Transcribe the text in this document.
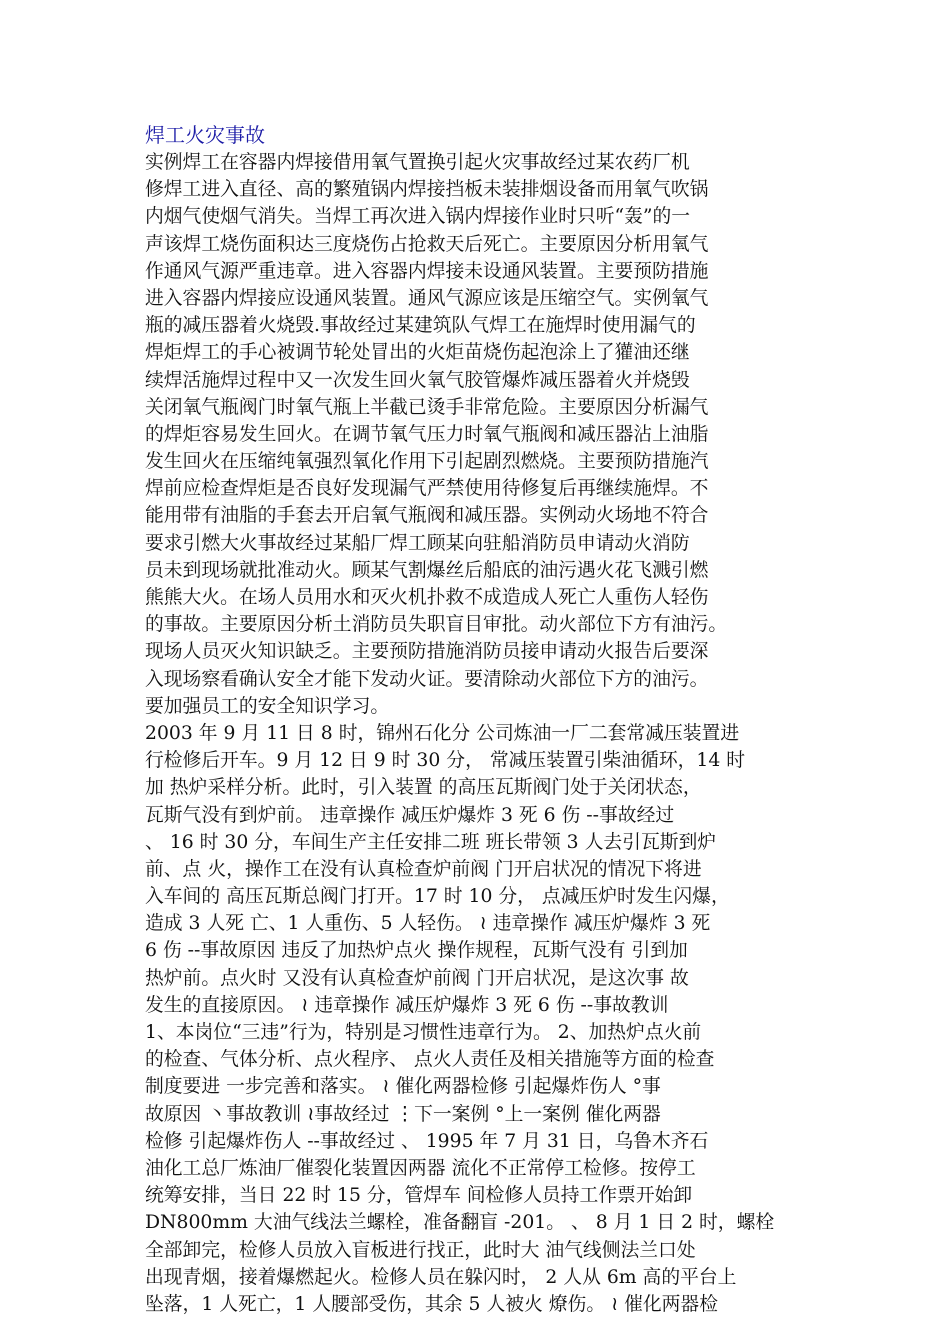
焊工火灾事故
实例焊工在容器内焊接借用氧气置换引起火灾事故经过某农药厂机
修焊工进入直径、高的繁殖锅内焊接挡板未装排烟设备而用氧气吹锅
内烟气使烟气消失。当焊工再次进入锅内焊接作业时只听“轰”的一
声该焊工烧伤面积达三度烧伤占抢救天后死亡。主要原因分析用氧气
作通风气源严重违章。进入容器内焊接未设通风装置。主要预防措施
进入容器内焊接应设通风装置。通风气源应该是压缩空气。实例氧气
瓶的减压器着火烧毁.事故经过某建筑队气焊工在施焊时使用漏气的
焊炬焊工的手心被调节轮处冒出的火炬苗烧伤起泡涂上了獾油还继
续焊活施焊过程中又一次发生回火氧气胶管爆炸减压器着火并烧毁
关闭氧气瓶阀门时氧气瓶上半截已烫手非常危险。主要原因分析漏气
的焊炬容易发生回火。在调节氧气压力时氧气瓶阀和减压器沾上油脂
发生回火在压缩纯氧强烈氧化作用下引起剧烈燃烧。主要预防措施汽
焊前应检查焊炬是否良好发现漏气严禁使用待修复后再继续施焊。不
能用带有油脂的手套去开启氧气瓶阀和减压器。实例动火场地不符合
要求引燃大火事故经过某船厂焊工顾某向驻船消防员申请动火消防
员未到现场就批准动火。顾某气割爆丝后船底的油污遇火花飞溅引燃
熊熊大火。在场人员用水和灭火机扑救不成造成人死亡人重伤人轻伤
的事故。主要原因分析土消防员失职盲目审批。动火部位下方有油污。
现场人员灭火知识缺乏。主要预防措施消防员接申请动火报告后要深
入现场察看确认安全才能下发动火证。要清除动火部位下方的油污。
要加强员工的安全知识学习。
2003 年 9 月 11 日 8 时，锦州石化分 公司炼油一厂二套常减压装置进
行检修后开车。9 月 12 日 9 时 30 分， 常减压装置引柴油循环，14 时
加 热炉采样分析。此时，引入装置 的高压瓦斯阀门处于关闭状态，
瓦斯气没有到炉前。 违章操作 减压炉爆炸 3 死 6 伤 --事故经过
、 16 时 30 分，车间生产主任安排二班 班长带领 3 人去引瓦斯到炉
前、点 火，操作工在没有认真检查炉前阀 门开启状况的情况下将进
入车间的 高压瓦斯总阀门打开。17 时 10 分， 点减压炉时发生闪爆，
造成 3 人死 亡、1 人重伤、5 人轻伤。 ≀ 违章操作 减压炉爆炸 3 死
6 伤 --事故原因 违反了加热炉点火 操作规程，瓦斯气没有 引到加
热炉前。点火时 又没有认真检查炉前阀 门开启状况，是这次事 故
发生的直接原因。 ≀ 违章操作 减压炉爆炸 3 死 6 伤 --事故教训
1、本岗位“三违”行为，特别是习惯性违章行为。 2、加热炉点火前
的检查、气体分析、点火程序、 点火人责任及相关措施等方面的检查
制度要进 一步完善和落实。 ≀ 催化两器检修 引起爆炸伤人 °事
故原因 丶事故教训 ≀事故经过 ⋮下一案例 °上一案例 催化两器
检修 引起爆炸伤人 --事故经过 、 1995 年 7 月 31 日，乌鲁木齐石
油化工总厂炼油厂催裂化装置因两器 流化不正常停工检修。按停工
统筹安排，当日 22 时 15 分，管焊车 间检修人员持工作票开始卸
DN800mm 大油气线法兰螺栓，准备翻盲 -201。 、 8 月 1 日 2 时，螺栓
全部卸完，检修人员放入盲板进行找正，此时大 油气线侧法兰口处
出现青烟，接着爆燃起火。检修人员在躲闪时， 2 人从 6m 高的平台上
坠落，1 人死亡，1 人腰部受伤，其余 5 人被火 燎伤。 ≀ 催化两器检
